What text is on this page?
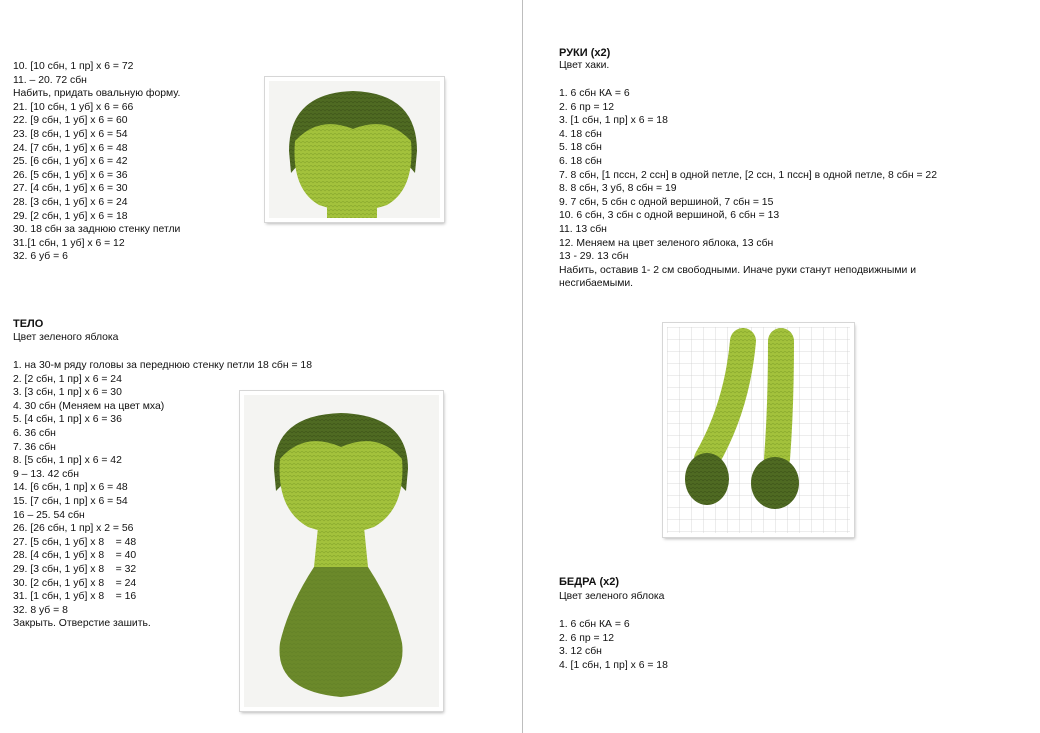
10. [10 сбн, 1 пр] х 6 = 72
11. – 20. 72 сбн
Набить, придать овальную форму.
21. [10 сбн, 1 уб] х 6 = 66
22. [9 сбн, 1 уб] х 6 = 60
23. [8 сбн, 1 уб] х 6 = 54
24. [7 сбн, 1 уб] х 6 = 48
25. [6 сбн, 1 уб] х 6 = 42
26. [5 сбн, 1 уб] х 6 = 36
27. [4 сбн, 1 уб] х 6 = 30
28. [3 сбн, 1 уб] х 6 = 24
29. [2 сбн, 1 уб] х 6 = 18
30. 18 сбн за заднюю стенку петли
31.[1 сбн, 1 уб] х 6 = 12
32. 6 уб = 6
ТЕЛО
Цвет зеленого яблока
1. на 30-м ряду головы за переднюю стенку петли 18 сбн = 18
2. [2 сбн, 1 пр] х 6 = 24
3. [3 сбн, 1 пр] х 6 = 30
4. 30 сбн (Меняем на цвет мха)
5. [4 сбн, 1 пр] х 6 = 36
6. 36 сбн
7. 36 сбн
8. [5 сбн, 1 пр] х 6 = 42
9 – 13. 42 сбн
14. [6 сбн, 1 пр] х 6 = 48
15. [7 сбн, 1 пр] х 6 = 54
16 – 25. 54 сбн
26. [26 сбн, 1 пр] х 2 = 56
27. [5 сбн, 1 уб] х 8    = 48
28. [4 сбн, 1 уб] х 8    = 40
29. [3 сбн, 1 уб] х 8    = 32
30. [2 сбн, 1 уб] х 8    = 24
31. [1 сбн, 1 уб] х 8    = 16
32. 8 уб = 8
Закрыть. Отверстие зашить.
РУКИ (х2)
Цвет хаки.
1. 6 сбн КА = 6
2. 6 пр = 12
3. [1 сбн, 1 пр] х 6 = 18
4. 18 сбн
5. 18 сбн
6. 18 сбн
7. 8 сбн, [1 пссн, 2 ссн] в одной петле, [2 ссн, 1 пссн] в одной петле, 8 сбн = 22
8. 8 сбн, 3 уб, 8 сбн = 19
9. 7 сбн, 5 сбн с одной вершиной, 7 сбн = 15
10. 6 сбн, 3 сбн с одной вершиной, 6 сбн = 13
11. 13 сбн
12. Меняем на цвет зеленого яблока, 13 сбн
13 - 29. 13 сбн
Набить, оставив 1- 2 см свободными. Иначе руки станут неподвижными и
несгибаемыми.
БЕДРА (х2)
Цвет зеленого яблока
1. 6 сбн КА = 6
2. 6 пр = 12
3. 12 сбн
4. [1 сбн, 1 пр] х 6 = 18
